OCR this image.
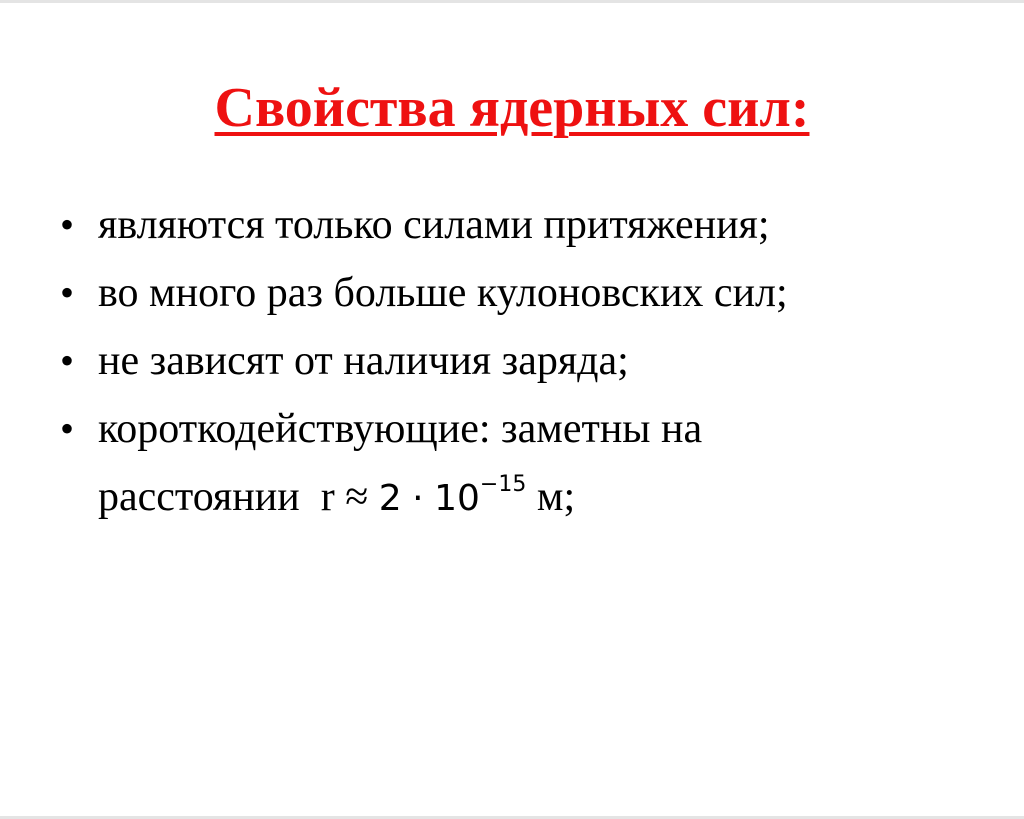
Свойства ядерных сил:
• являются только силами притяжения;
• во много раз больше кулоновских сил;
• не зависят от наличия заряда;
• короткодействующие: заметны на
расстоянии  $r \approx 2 \cdot 10^{-15}$ м;
